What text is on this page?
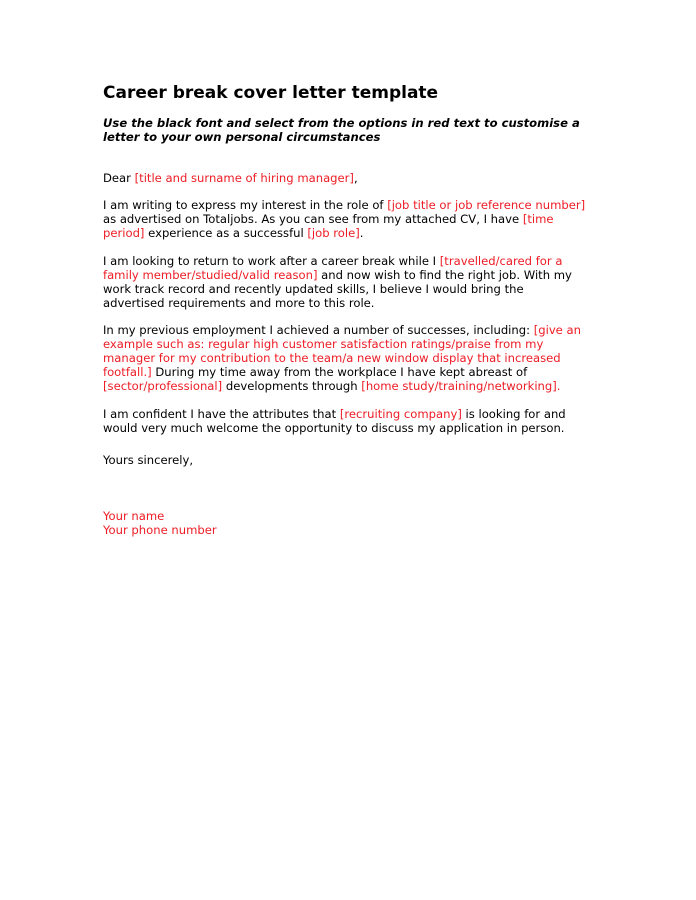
Career break cover letter template

Use the black font and select from the options in red text to customise a letter to your own personal circumstances

Dear [title and surname of hiring manager],

I am writing to express my interest in the role of [job title or job reference number] as advertised on Totaljobs. As you can see from my attached CV, I have [time period] experience as a successful [job role].

I am looking to return to work after a career break while I [travelled/cared for a family member/studied/valid reason] and now wish to find the right job. With my work track record and recently updated skills, I believe I would bring the advertised requirements and more to this role.

In my previous employment I achieved a number of successes, including: [give an example such as: regular high customer satisfaction ratings/praise from my manager for my contribution to the team/a new window display that increased footfall.] During my time away from the workplace I have kept abreast of [sector/professional] developments through [home study/training/networking].

I am confident I have the attributes that [recruiting company] is looking for and would very much welcome the opportunity to discuss my application in person.

Yours sincerely,

Your name

Your phone number
